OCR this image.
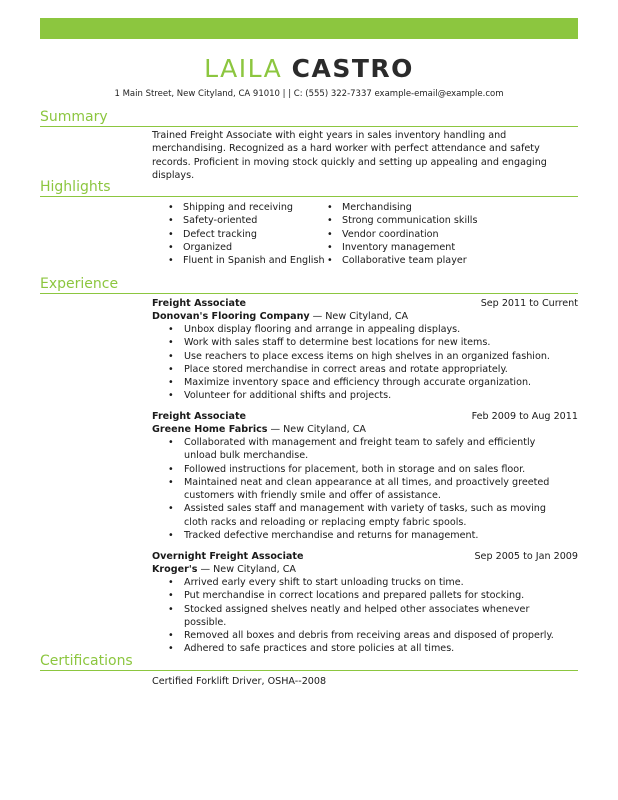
LAILA CASTRO
1 Main Street, New Cityland, CA 91010 | | C: (555) 322-7337 example-email@example.com
Summary
Trained Freight Associate with eight years in sales inventory handling and merchandising. Recognized as a hard worker with perfect attendance and safety records. Proficient in moving stock quickly and setting up appealing and engaging displays.
Highlights
• Shipping and receiving
• Safety-oriented
• Defect tracking
• Organized
• Fluent in Spanish and English
• Merchandising
• Strong communication skills
• Vendor coordination
• Inventory management
• Collaborative team player
Experience
Freight Associate	Sep 2011 to Current
Donovan's Flooring Company — New Cityland, CA
• Unbox display flooring and arrange in appealing displays.
• Work with sales staff to determine best locations for new items.
• Use reachers to place excess items on high shelves in an organized fashion.
• Place stored merchandise in correct areas and rotate appropriately.
• Maximize inventory space and efficiency through accurate organization.
• Volunteer for additional shifts and projects.
Freight Associate	Feb 2009 to Aug 2011
Greene Home Fabrics — New Cityland, CA
• Collaborated with management and freight team to safely and efficiently unload bulk merchandise.
• Followed instructions for placement, both in storage and on sales floor.
• Maintained neat and clean appearance at all times, and proactively greeted customers with friendly smile and offer of assistance.
• Assisted sales staff and management with variety of tasks, such as moving cloth racks and reloading or replacing empty fabric spools.
• Tracked defective merchandise and returns for management.
Overnight Freight Associate	Sep 2005 to Jan 2009
Kroger's — New Cityland, CA
• Arrived early every shift to start unloading trucks on time.
• Put merchandise in correct locations and prepared pallets for stocking.
• Stocked assigned shelves neatly and helped other associates whenever possible.
• Removed all boxes and debris from receiving areas and disposed of properly.
• Adhered to safe practices and store policies at all times.
Certifications
Certified Forklift Driver, OSHA--2008
